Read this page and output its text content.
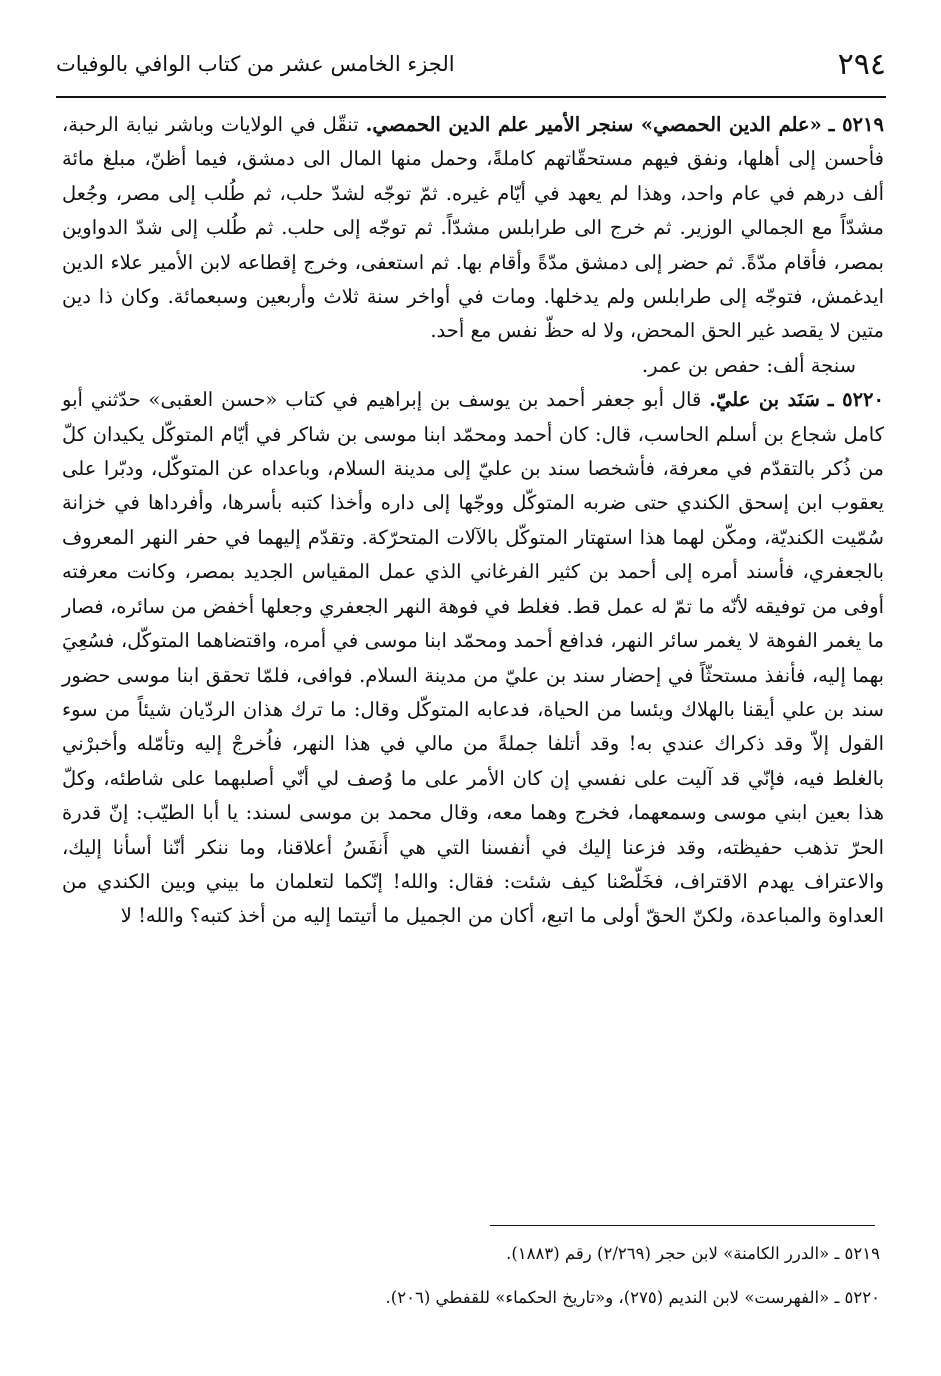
٢٩٤
الجزء الخامس عشر من كتاب الوافي بالوفيات

٥٢١٩ ـ «علم الدين الحمصي» سنجر الأمير علم الدين الحمصي. تنقّل في الولايات وباشر نيابة الرحبة، فأحسن إلى أهلها، ونفق فيهم مستحقّاتهم كاملةً، وحمل منها المال الى دمشق، فيما أظنّ، مبلغ مائة ألف درهم في عام واحد، وهذا لم يعهد في أيّام غيره. ثمّ توجّه لشدّ حلب، ثم طُلب إلى مصر، وجُعل مشدّاً مع الجمالي الوزير. ثم خرج الى طرابلس مشدّاً. ثم توجّه إلى حلب. ثم طُلب إلى شدّ الدواوين بمصر، فأقام مدّةً. ثم حضر إلى دمشق مدّةً وأقام بها. ثم استعفى، وخرج إقطاعه لابن الأمير علاء الدين ايدغمش، فتوجّه إلى طرابلس ولم يدخلها. ومات في أواخر سنة ثلاث وأربعين وسبعمائة. وكان ذا دين متين لا يقصد غير الحق المحض، ولا له حظّ نفس مع أحد.

سنجة ألف: حفص بن عمر.

٥٢٢٠ ـ سَنَد بن عليّ. قال أبو جعفر أحمد بن يوسف بن إبراهيم في كتاب «حسن العقبى» حدّثني أبو كامل شجاع بن أسلم الحاسب، قال: كان أحمد ومحمّد ابنا موسى بن شاكر في أيّام المتوكّل يكيدان كلّ من ذُكر بالتقدّم في معرفة، فأشخصا سند بن عليّ إلى مدينة السلام، وباعداه عن المتوكّل، ودبّرا على يعقوب ابن إسحق الكندي حتى ضربه المتوكّل ووجّها إلى داره وأخذا كتبه بأسرها، وأفرداها في خزانة سُمّيت الكنديّة، ومكّن لهما هذا استهتار المتوكّل بالآلات المتحرّكة. وتقدّم إليهما في حفر النهر المعروف بالجعفري، فأسند أمره إلى أحمد بن كثير الفرغاني الذي عمل المقياس الجديد بمصر، وكانت معرفته أوفى من توفيقه لأنّه ما تمّ له عمل قط. فغلط في فوهة النهر الجعفري وجعلها أخفض من سائره، فصار ما يغمر الفوهة لا يغمر سائر النهر، فدافع أحمد ومحمّد ابنا موسى في أمره، واقتضاهما المتوكّل، فسُعِيَ بهما إليه، فأنفذ مستحثّاً في إحضار سند بن عليّ من مدينة السلام. فوافى، فلمّا تحقق ابنا موسى حضور سند بن علي أيقنا بالهلاك ويئسا من الحياة، فدعابه المتوكّل وقال: ما ترك هذان الردّيان شيئاً من سوء القول إلاّ وقد ذكراك عندي به! وقد أتلفا جملةً من مالي في هذا النهر، فاُخرجْ إليه وتأمّله وأخبرْني بالغلط فيه، فإنّي قد آليت على نفسي إن كان الأمر على ما وُصف لي أنّي أصلبهما على شاطئه، وكلّ هذا بعين ابني موسى وسمعهما، فخرج وهما معه، وقال محمد بن موسى لسند: يا أبا الطيّب: إنّ قدرة الحرّ تذهب حفيظته، وقد فزعنا إليك في أنفسنا التي هي أَنفَسُ أعلاقنا، وما ننكر أنّنا أسأنا إليك، والاعتراف يهدم الاقتراف، فخَلّصْنا كيف شئت: فقال: والله! إنّكما لتعلمان ما بيني وبين الكندي من العداوة والمباعدة، ولكنّ الحقّ أولى ما اتبع، أكان من الجميل ما أتيتما إليه من أخذ كتبه؟ والله! لا

٥٢١٩ ـ «الدرر الكامنة» لابن حجر (٢/٢٦٩) رقم (١٨٨٣).

٥٢٢٠ ـ «الفهرست» لابن النديم (٢٧٥)، و«تاريخ الحكماء» للقفطي (٢٠٦).
